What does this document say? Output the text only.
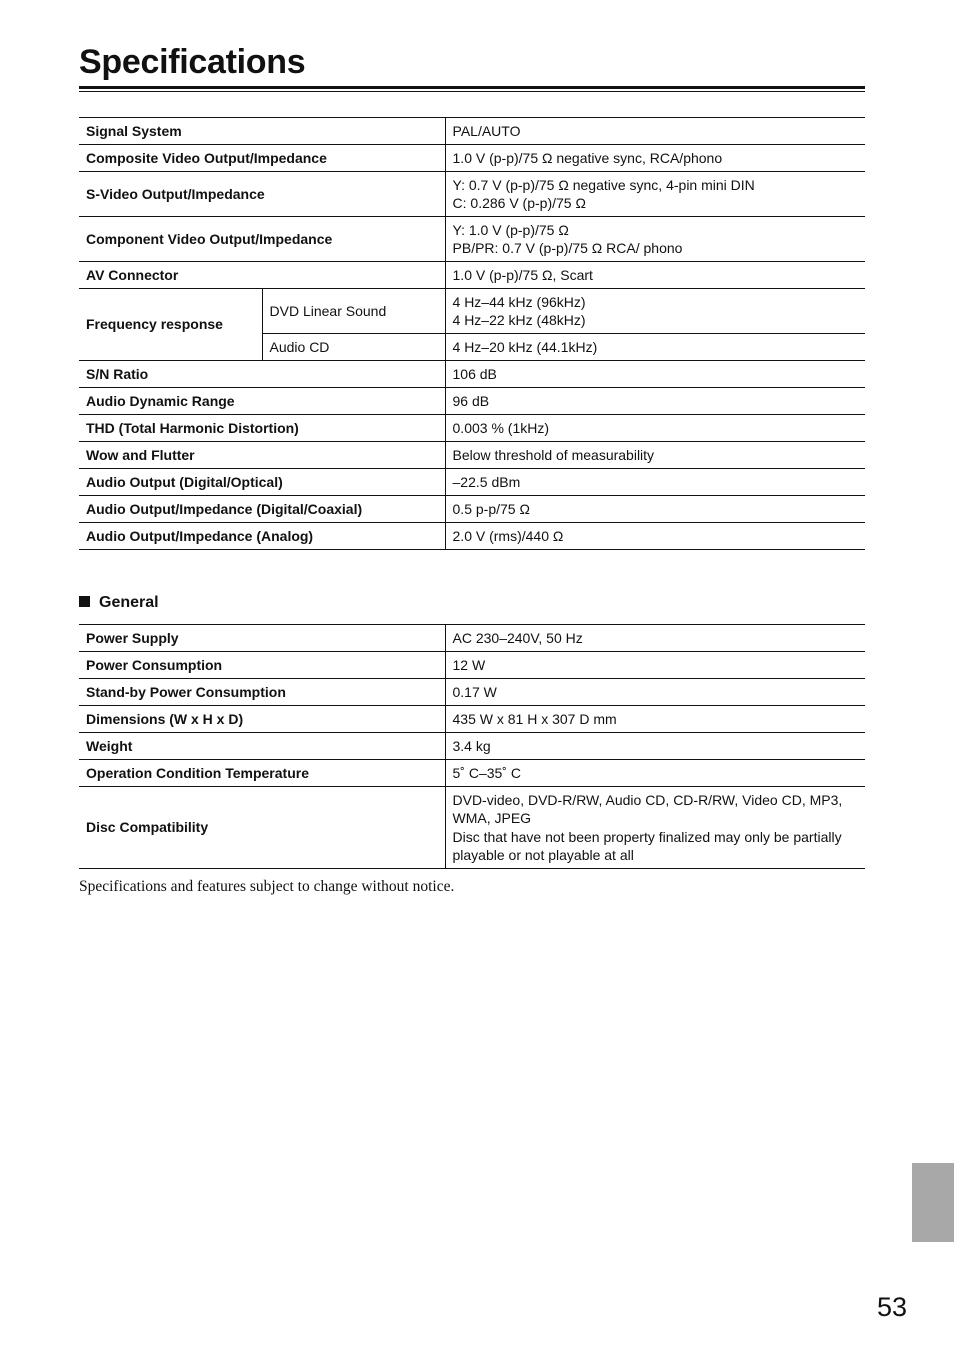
Specifications
Signal System		PAL/AUTO
Composite Video Output/Impedance		1.0 V (p-p)/75 Ω negative sync, RCA/phono
S-Video Output/Impedance		Y: 0.7 V (p-p)/75 Ω negative sync, 4-pin mini DIN
C: 0.286 V (p-p)/75 Ω
Component Video Output/Impedance		Y: 1.0 V (p-p)/75 Ω
PB/PR: 0.7 V (p-p)/75 Ω RCA/ phono
AV Connector		1.0 V (p-p)/75 Ω, Scart
Frequency response	DVD Linear Sound	4 Hz–44 kHz (96kHz)
4 Hz–22 kHz (48kHz)
	Audio CD	4 Hz–20 kHz (44.1kHz)
S/N Ratio		106 dB
Audio Dynamic Range		96 dB
THD (Total Harmonic Distortion)		0.003 % (1kHz)
Wow and Flutter		Below threshold of measurability
Audio Output (Digital/Optical)		–22.5 dBm
Audio Output/Impedance (Digital/Coaxial)		0.5 p-p/75 Ω
Audio Output/Impedance (Analog)		2.0 V (rms)/440 Ω
General
Power Supply	AC 230–240V, 50 Hz
Power Consumption	12 W
Stand-by Power Consumption	0.17 W
Dimensions (W x H x D)	435 W x 81 H x 307 D mm
Weight	3.4 kg
Operation Condition Temperature	5˚ C–35˚ C
Disc Compatibility	DVD-video, DVD-R/RW, Audio CD, CD-R/RW, Video CD, MP3,
WMA, JPEG
Disc that have not been property finalized may only be partially
playable or not playable at all
Specifications and features subject to change without notice.
53
